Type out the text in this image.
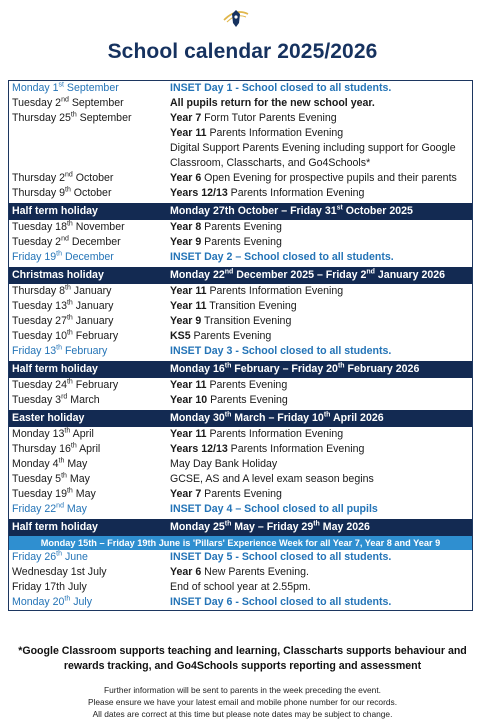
School calendar 2025/2026
Monday 1st September	INSET Day 1 - School closed to all students.
Tuesday 2nd September	All pupils return for the new school year.
Thursday 25th September	Year 7 Form Tutor Parents Evening
Year 11 Parents Information Evening
Digital Support Parents Evening including support for Google Classroom, Classcharts, and Go4Schools*
Thursday 2nd October	Year 6 Open Evening for prospective pupils and their parents
Thursday 9th October	Years 12/13 Parents Information Evening
Half term holiday	Monday 27th October – Friday 31st October 2025
Tuesday 18th November	Year 8 Parents Evening
Tuesday 2nd December	Year 9 Parents Evening
Friday 19th December	INSET Day 2 – School closed to all students.
Christmas holiday	Monday 22nd December 2025 – Friday 2nd January 2026
Thursday 8th January	Year 11 Parents Information Evening
Tuesday 13th January	Year 11 Transition Evening
Tuesday 27th January	Year 9 Transition Evening
Tuesday 10th February	KS5 Parents Evening
Friday 13th February	INSET Day 3 - School closed to all students.
Half term holiday	Monday 16th February – Friday 20th February 2026
Tuesday 24th February	Year 11 Parents Evening
Tuesday 3rd March	Year 10 Parents Evening
Easter holiday	Monday 30th March – Friday 10th April 2026
Monday 13th April	Year 11 Parents Information Evening
Thursday 16th April	Years 12/13 Parents Information Evening
Monday 4th May	May Day Bank Holiday
Tuesday 5th May	GCSE, AS and A level exam season begins
Tuesday 19th May	Year 7 Parents Evening
Friday 22nd May	INSET Day 4 – School closed to all pupils
Half term holiday	Monday 25th May – Friday 29th May 2026
Monday 15th – Friday 19th June is 'Pillars' Experience Week for all Year 7, Year 8 and Year 9
Friday 26th June	INSET Day 5 - School closed to all students.
Wednesday 1st July	Year 6 New Parents Evening.
Friday 17th July	End of school year at 2.55pm.
Monday 20th July	INSET Day 6 - School closed to all students.
*Google Classroom supports teaching and learning, Classcharts supports behaviour and rewards tracking, and Go4Schools supports reporting and assessment
Further information will be sent to parents in the week preceding the event.
Please ensure we have your latest email and mobile phone number for our records.
All dates are correct at this time but please note dates may be subject to change.
